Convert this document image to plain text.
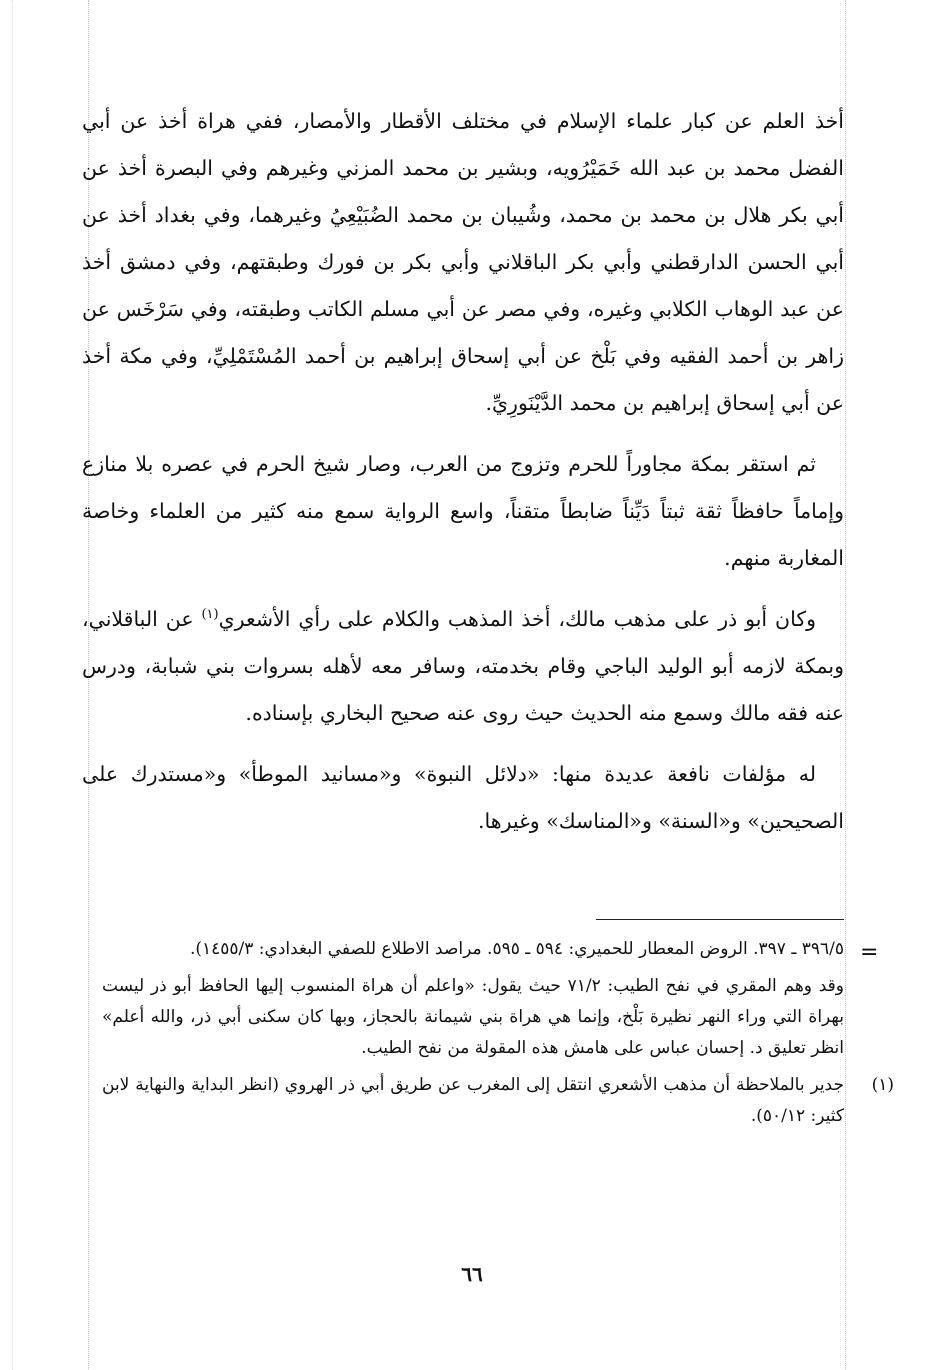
أخذ العلم عن كبار علماء الإسلام في مختلف الأقطار والأمصار، ففي هراة أخذ عن أبي الفضل محمد بن عبد الله خَمَيْرُويه، وبشير بن محمد المزني وغيرهم وفي البصرة أخذ عن أبي بكر هلال بن محمد بن محمد، وشُيبان بن محمد الضُبَيْعِيُ وغيرهما، وفي بغداد أخذ عن أبي الحسن الدارقطني وأبي بكر الباقلاني وأبي بكر بن فورك وطبقتهم، وفي دمشق أخذ عن عبد الوهاب الكلابي وغيره، وفي مصر عن أبي مسلم الكاتب وطبقته، وفي سَرْخَس عن زاهر بن أحمد الفقيه وفي بَلْخ عن أبي إسحاق إبراهيم بن أحمد المُسْتَمْلِيِّ، وفي مكة أخذ عن أبي إسحاق إبراهيم بن محمد الدَّيْنَورِيِّ.

ثم استقر بمكة مجاوراً للحرم وتزوج من العرب، وصار شيخ الحرم في عصره بلا منازع وإماماً حافظاً ثقة ثبتاً دَيِّناً ضابطاً متقناً، واسع الرواية سمع منه كثير من العلماء وخاصة المغاربة منهم.

وكان أبو ذر على مذهب مالك، أخذ المذهب والكلام على رأي الأشعري$^{(١)}$ عن الباقلاني، وبمكة لازمه أبو الوليد الباجي وقام بخدمته، وسافر معه لأهله بسروات بني شبابة، ودرس عنه فقه مالك وسمع منه الحديث حيث روى عنه صحيح البخاري بإسناده.

له مؤلفات نافعة عديدة منها: «دلائل النبوة» و«مسانيد الموطأ» و«مستدرك على الصحيحين» و«السنة» و«المناسك» وغيرها.

=

٣٩٦/٥ ـ ٣٩٧. الروض المعطار للحميري: ٥٩٤ ـ ٥٩٥. مراصد الاطلاع للصفي البغدادي: ١٤٥٥/٣).

وقد وهم المقري في نفح الطيب: ٧١/٢ حيث يقول: «واعلم أن هراة المنسوب إليها الحافظ أبو ذر ليست بهراة التي وراء النهر نظيرة بَلْخ، وإنما هي هراة بني شيمانة بالحجاز، وبها كان سكنى أبي ذر، والله أعلم» انظر تعليق د. إحسان عباس على هامش هذه المقولة من نفح الطيب.

(١)
جدير بالملاحظة أن مذهب الأشعري انتقل إلى المغرب عن طريق أبي ذر الهروي (انظر البداية والنهاية لابن كثير: ٥٠/١٢).

٦٦
